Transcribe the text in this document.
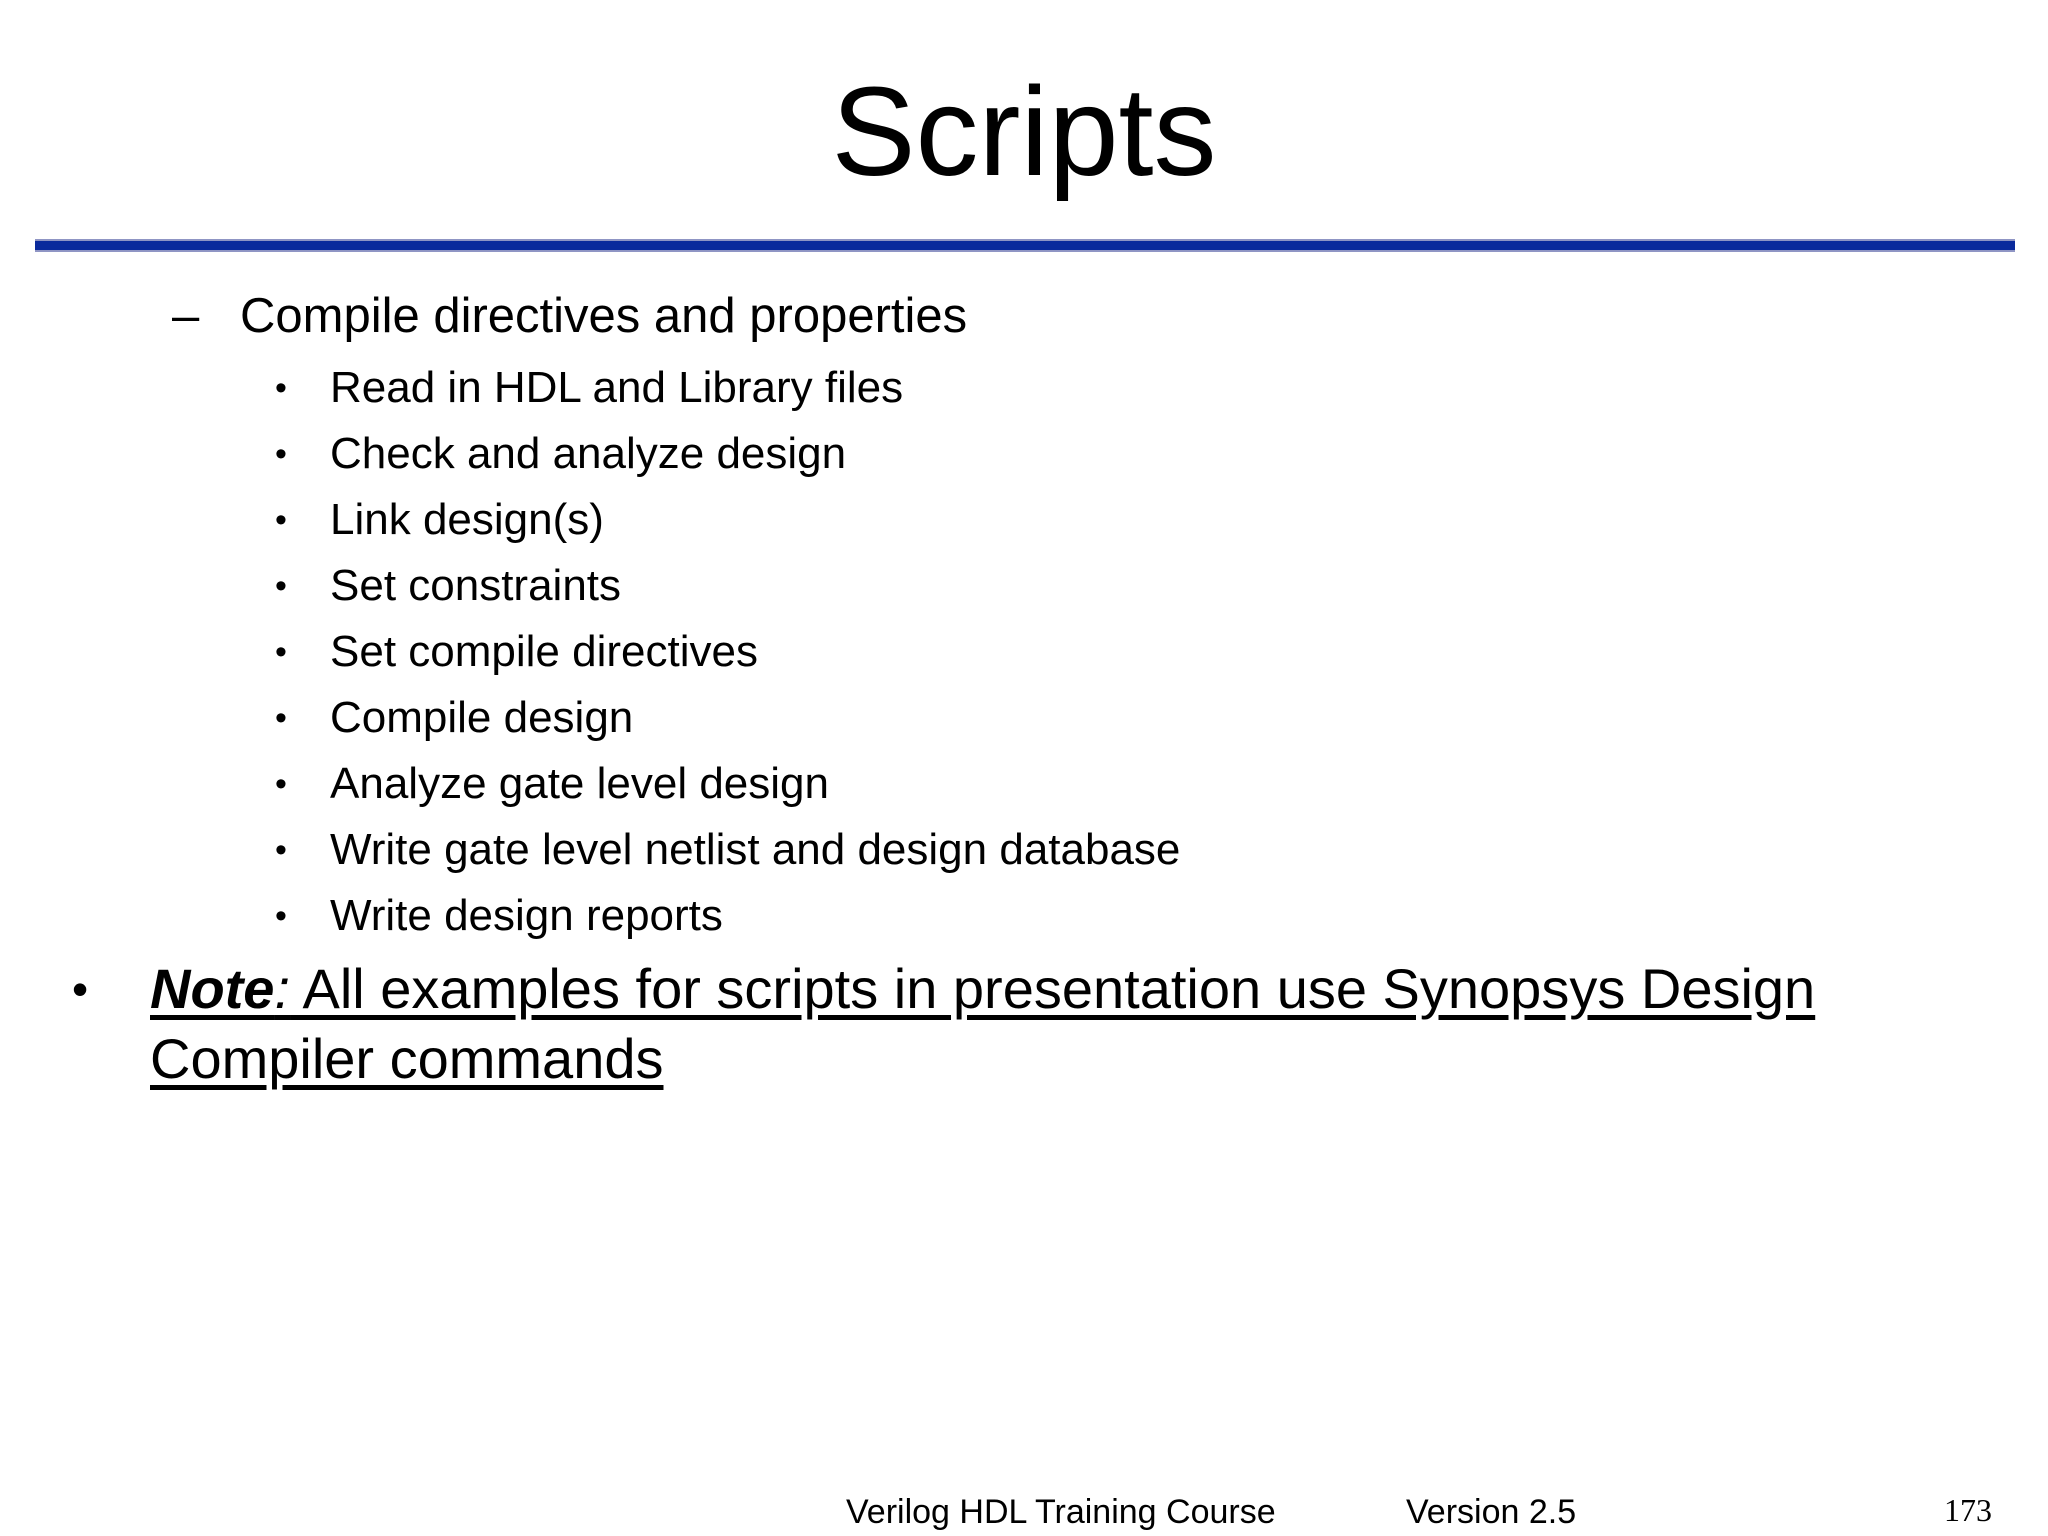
Scripts
– Compile directives and properties
• Read in HDL and Library files
• Check and analyze design
• Link design(s)
• Set constraints
• Set compile directives
• Compile design
• Analyze gate level design
• Write gate level netlist and design database
• Write design reports
• Note: All examples for scripts in presentation use Synopsys Design Compiler commands
Verilog HDL Training Course	Version 2.5	173
